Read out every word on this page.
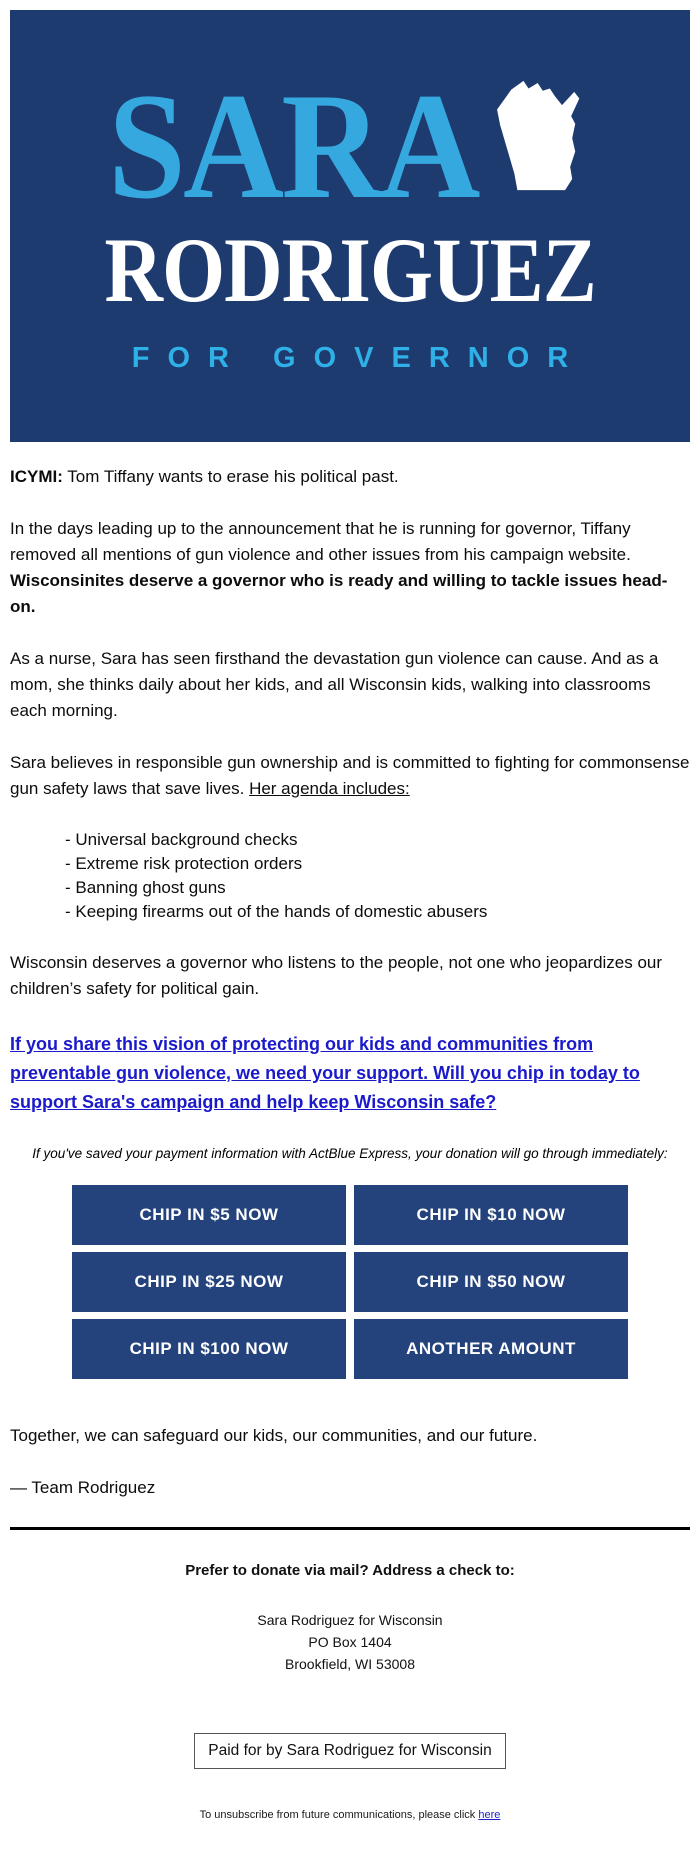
SARA
RODRIGUEZ
FOR GOVERNOR

ICYMI: Tom Tiffany wants to erase his political past.

In the days leading up to the announcement that he is running for governor, Tiffany removed all mentions of gun violence and other issues from his campaign website. Wisconsinites deserve a governor who is ready and willing to tackle issues head-on.

As a nurse, Sara has seen firsthand the devastation gun violence can cause. And as a mom, she thinks daily about her kids, and all Wisconsin kids, walking into classrooms each morning.

Sara believes in responsible gun ownership and is committed to fighting for commonsense gun safety laws that save lives. Her agenda includes:

- Universal background checks
- Extreme risk protection orders
- Banning ghost guns
- Keeping firearms out of the hands of domestic abusers

Wisconsin deserves a governor who listens to the people, not one who jeopardizes our children’s safety for political gain.

If you share this vision of protecting our kids and communities from preventable gun violence, we need your support. Will you chip in today to support Sara's campaign and help keep Wisconsin safe?
If you've saved your payment information with ActBlue Express, your donation will go through immediately:
CHIP IN $5 NOW	CHIP IN $10 NOW
CHIP IN $25 NOW	CHIP IN $50 NOW
CHIP IN $100 NOW	ANOTHER AMOUNT

Together, we can safeguard our kids, our communities, and our future.

— Team Rodriguez

Prefer to donate via mail? Address a check to:
Sara Rodriguez for Wisconsin
PO Box 1404
Brookfield, WI 53008
Paid for by Sara Rodriguez for Wisconsin
To unsubscribe from future communications, please click here
